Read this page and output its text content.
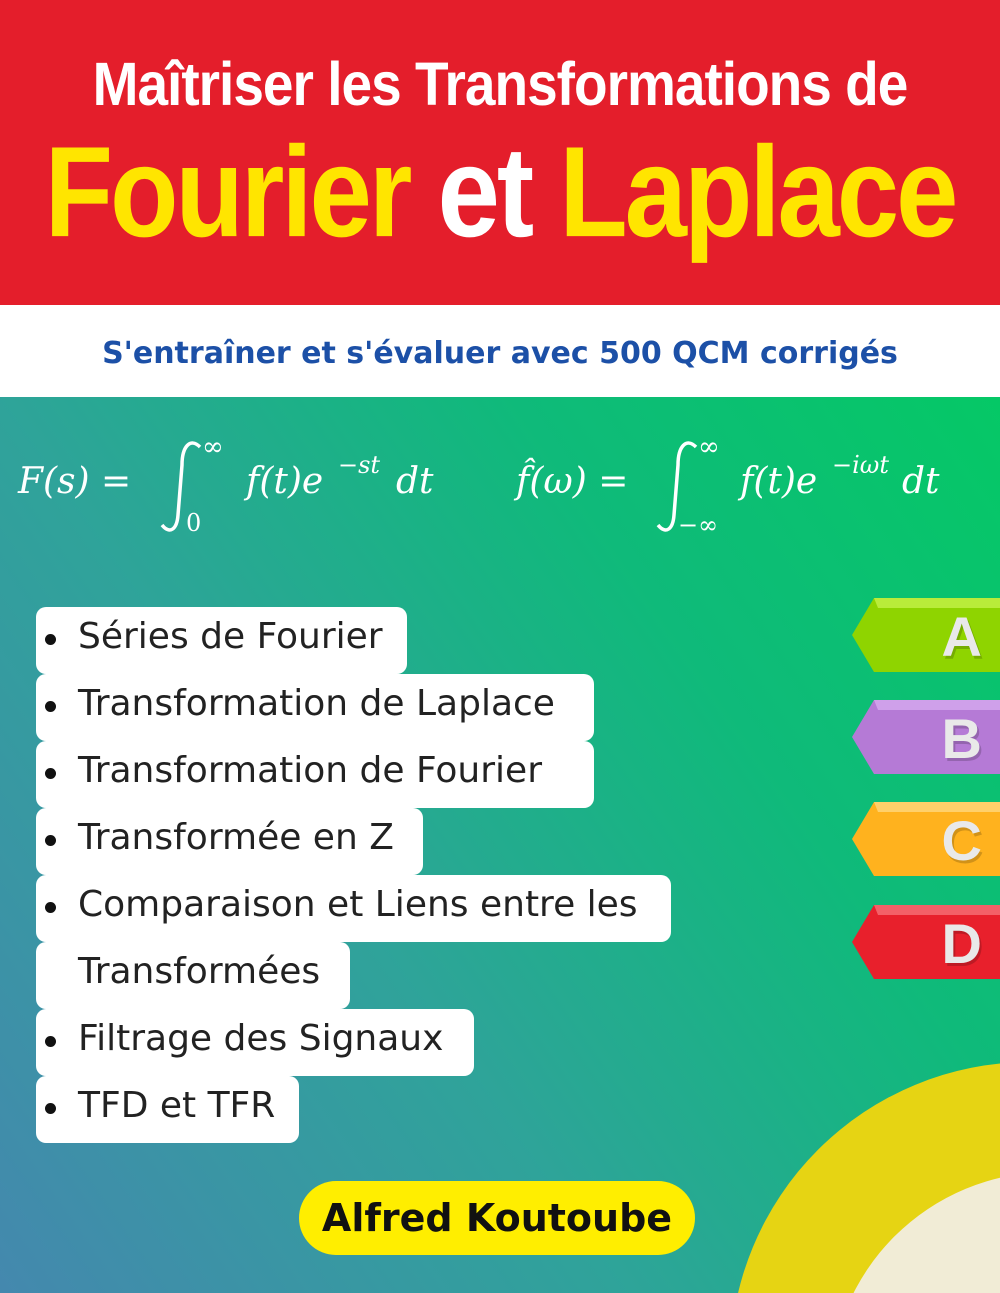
Maîtriser les Transformations de
Fourier et Laplace
S'entraîner et s'évaluer avec 500 QCM corrigés
F(s) =
∞
0
f(t)e −st dt f̂(ω) =
∞
−∞
f(t)e −iωt dt
Séries de Fourier
Transformation de Laplace
Transformation de Fourier
Transformée en Z
Comparaison et Liens entre les
Transformées
Filtrage des Signaux
TFD et TFR
A
B
C
D
Alfred Koutoube
